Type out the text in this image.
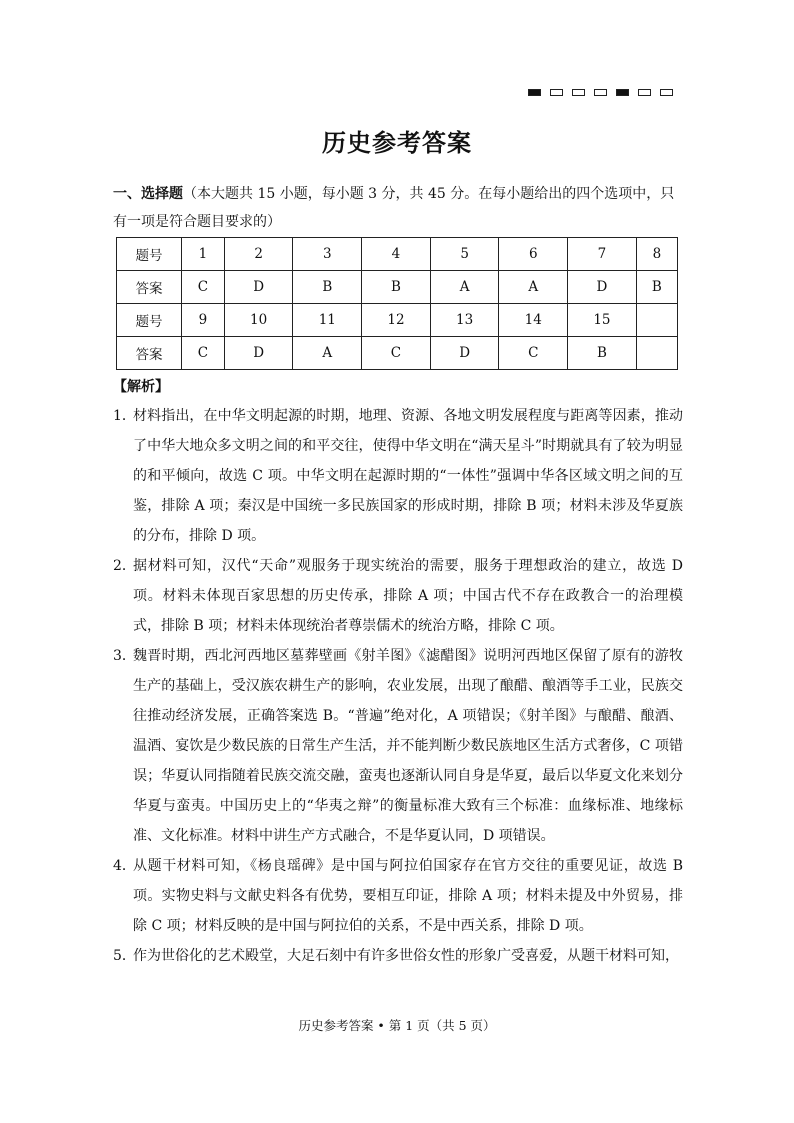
历史参考答案
一、选择题（本大题共 15 小题，每小题 3 分，共 45 分。在每小题给出的四个选项中，只有一项是符合题目要求的）
题号	1	2	3	4	5	6	7	8
答案	C	D	B	B	A	A	D	B
题号	9	10	11	12	13	14	15	
答案	C	D	A	C	D	C	B	
【解析】
1．
材料指出，在中华文明起源的时期，地理、资源、各地文明发展程度与距离等因素，推动了中华大地众多文明之间的和平交往，使得中华文明在“满天星斗”时期就具有了较为明显的和平倾向，故选 C 项。中华文明在起源时期的“一体性”强调中华各区域文明之间的互鉴，排除 A 项；秦汉是中国统一多民族国家的形成时期，排除 B 项；材料未涉及华夏族的分布，排除 D 项。
2．
据材料可知，汉代“天命”观服务于现实统治的需要，服务于理想政治的建立，故选 D 项。材料未体现百家思想的历史传承，排除 A 项；中国古代不存在政教合一的治理模式，排除 B 项；材料未体现统治者尊崇儒术的统治方略，排除 C 项。
3．
魏晋时期，西北河西地区墓葬壁画《射羊图》《滤醋图》说明河西地区保留了原有的游牧生产的基础上，受汉族农耕生产的影响，农业发展，出现了酿醋、酿酒等手工业，民族交往推动经济发展，正确答案选 B。“普遍”绝对化，A 项错误；《射羊图》与酿醋、酿酒、温酒、宴饮是少数民族的日常生产生活，并不能判断少数民族地区生活方式奢侈，C 项错误；华夏认同指随着民族交流交融，蛮夷也逐渐认同自身是华夏，最后以华夏文化来划分华夏与蛮夷。中国历史上的“华夷之辩”的衡量标准大致有三个标准：血缘标准、地缘标准、文化标准。材料中讲生产方式融合，不是华夏认同，D 项错误。
4．
从题干材料可知，《杨良瑶碑》是中国与阿拉伯国家存在官方交往的重要见证，故选 B 项。实物史料与文献史料各有优势，要相互印证，排除 A 项；材料未提及中外贸易，排除 C 项；材料反映的是中国与阿拉伯的关系，不是中西关系，排除 D 项。
5．
作为世俗化的艺术殿堂，大足石刻中有许多世俗女性的形象广受喜爱，从题干材料可知，
历史参考答案 • 第 1 页（共 5 页）
